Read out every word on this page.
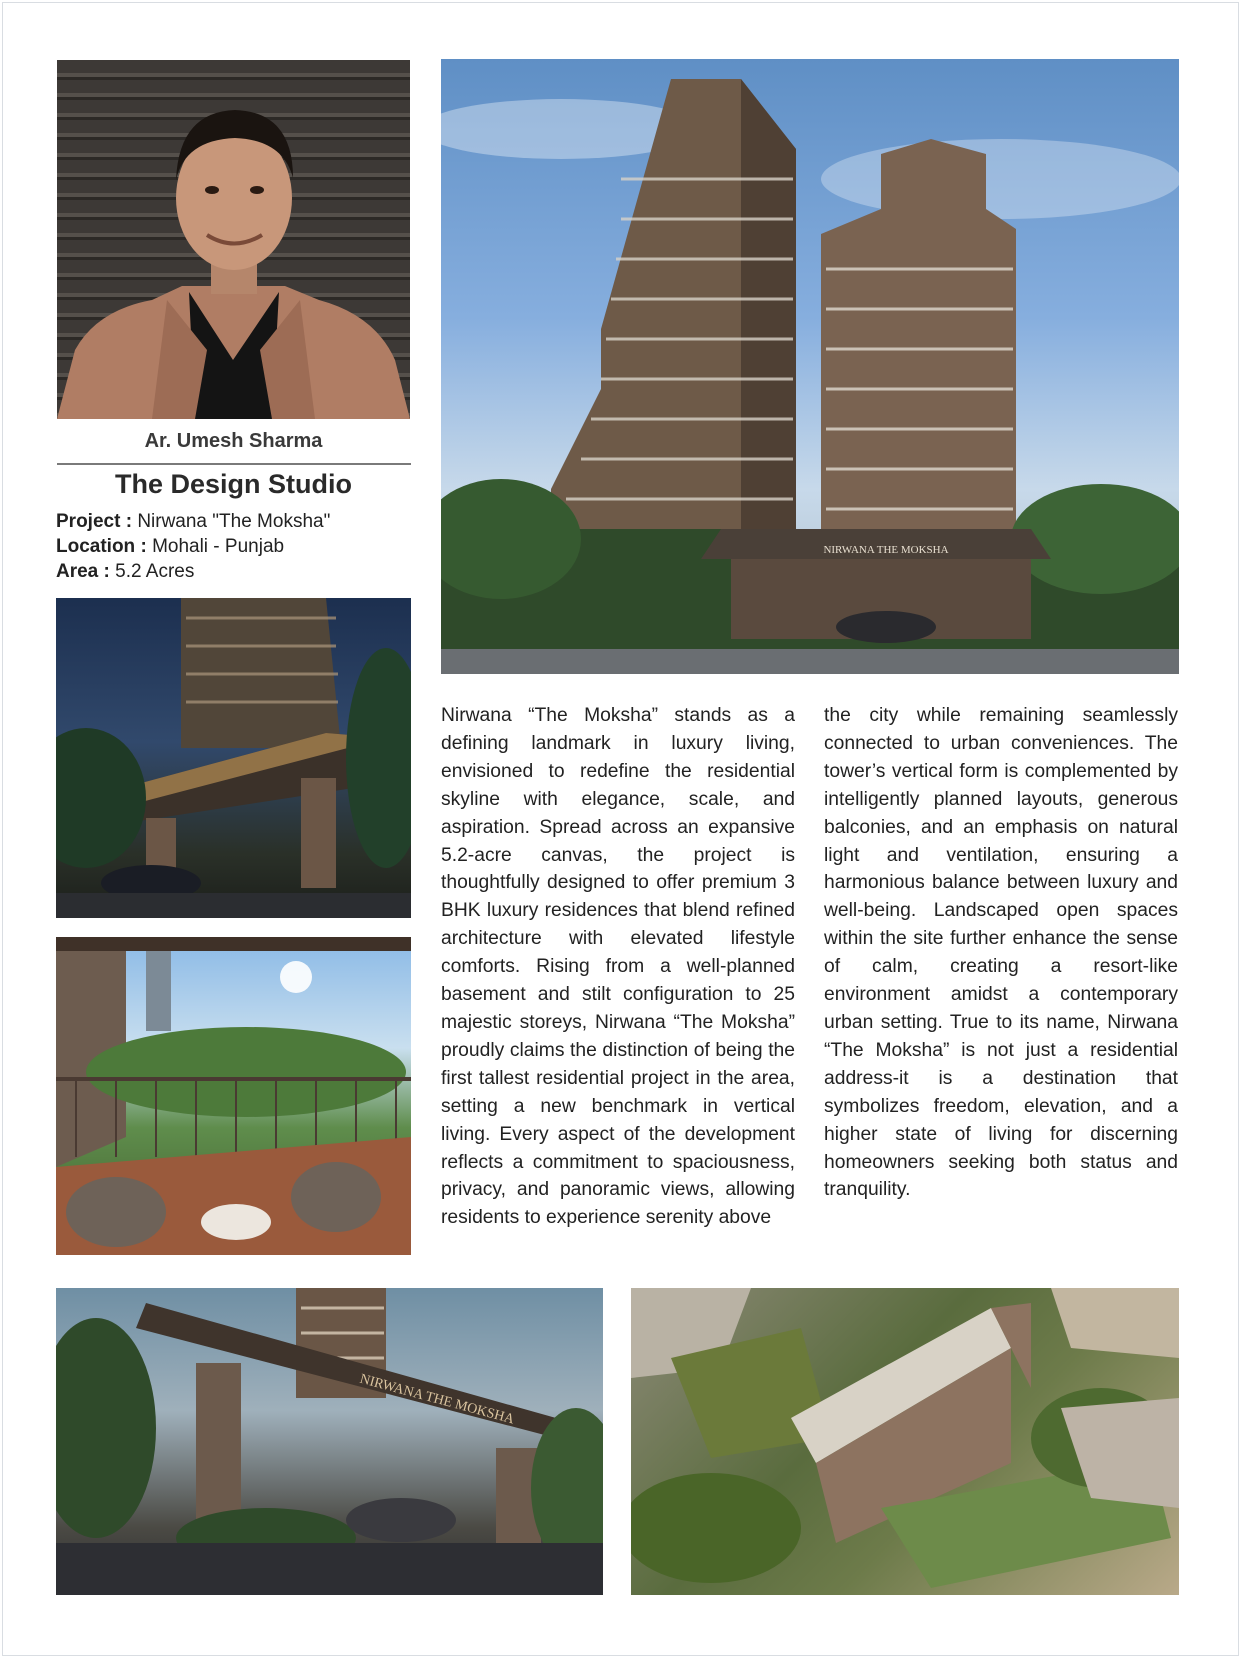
Ar. Umesh Sharma
The Design Studio
Project : Nirwana "The Moksha"
Location : Mohali - Punjab
Area : 5.2 Acres
NIRWANA THE MOKSHA
Nirwana “The Moksha” stands as a defining landmark in luxury living, envisioned to redefine the residential skyline with elegance, scale, and aspiration. Spread across an expansive 5.2-acre canvas, the project is thoughtfully designed to offer premium 3 BHK luxury residences that blend refined architecture with elevated lifestyle comforts. Rising from a well-planned basement and stilt configuration to 25 majestic storeys, Nirwana “The Moksha” proudly claims the distinction of being the first tallest residential project in the area, setting a new benchmark in vertical living. Every aspect of the development reflects a commitment to spaciousness, privacy, and panoramic views, allowing residents to experience serenity above
the city while remaining seamlessly connected to urban conveniences. The tower’s vertical form is complemented by intelligently planned layouts, generous balconies, and an emphasis on natural light and ventilation, ensuring a harmonious balance between luxury and well-being. Landscaped open spaces within the site further enhance the sense of calm, creating a resort-like environment amidst a contemporary urban setting. True to its name, Nirwana “The Moksha” is not just a residential address-it is a destination that symbolizes freedom, elevation, and a higher state of living for discerning homeowners seeking both status and tranquility.
NIRWANA THE MOKSHA
